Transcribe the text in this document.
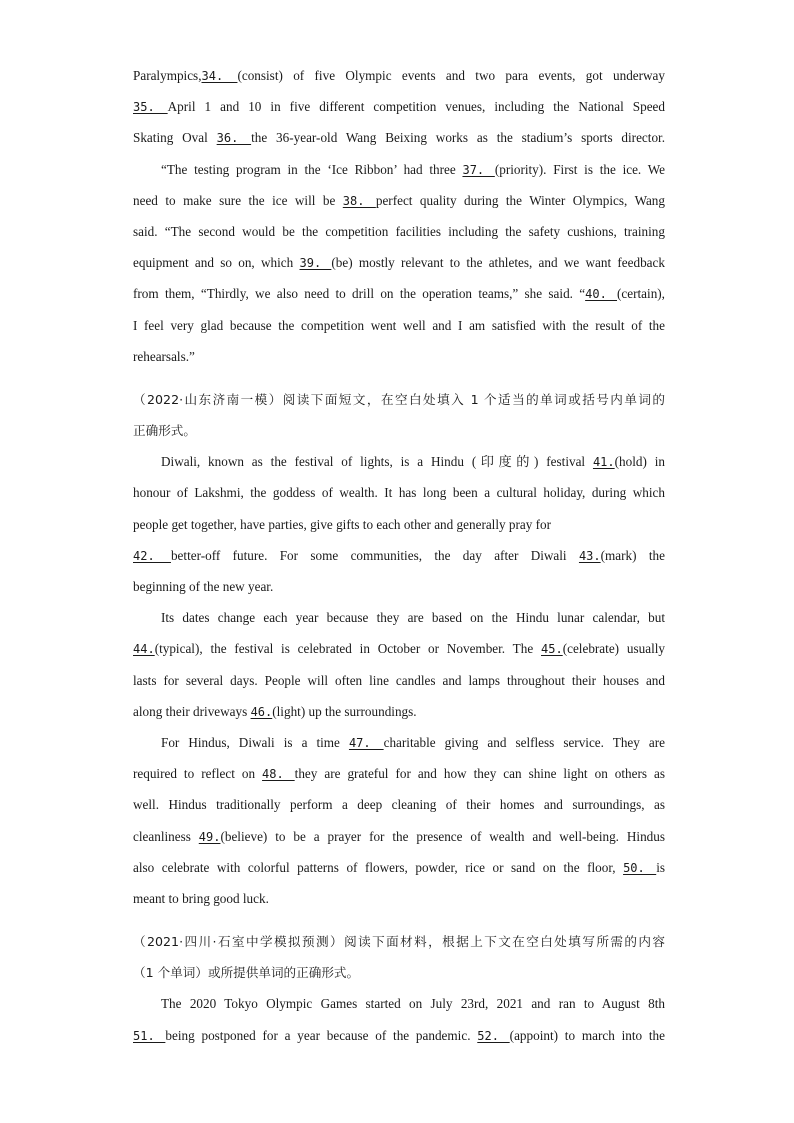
Paralympics,34. (consist) of five Olympic events and two para events, got underway
35. April 1 and 10 in five different competition venues, including the National Speed
Skating Oval 36. the 36-year-old Wang Beixing works as the stadium’s sports director.
“The testing program in the ‘Ice Ribbon’ had three 37. (priority). First is the ice. We
need to make sure the ice will be 38. perfect quality during the Winter Olympics, Wang
said. “The second would be the competition facilities including the safety cushions, training
equipment and so on, which 39. (be) mostly relevant to the athletes, and we want feedback
from them, “Thirdly, we also need to drill on the operation teams,” she said. “40. (certain),
I feel very glad because the competition went well and I am satisfied with the result of the
rehearsals.”
（2022·山东济南一模）阅读下面短文，在空白处填入 1 个适当的单词或括号内单词的
正确形式。
Diwali, known as the festival of lights, is a Hindu (印度的) festival 41.(hold) in
honour of Lakshmi, the goddess of wealth. It has long been a cultural holiday, during which
people get together, have parties, give gifts to each other and generally pray for
42. better-off future. For some communities, the day after Diwali 43.(mark) the
beginning of the new year.
Its dates change each year because they are based on the Hindu lunar calendar, but
44.(typical), the festival is celebrated in October or November. The 45.(celebrate) usually
lasts for several days. People will often line candles and lamps throughout their houses and
along their driveways 46.(light) up the surroundings.
For Hindus, Diwali is a time 47. charitable giving and selfless service. They are
required to reflect on 48. they are grateful for and how they can shine light on others as
well. Hindus traditionally perform a deep cleaning of their homes and surroundings, as
cleanliness 49.(believe) to be a prayer for the presence of wealth and well-being. Hindus
also celebrate with colorful patterns of flowers, powder, rice or sand on the floor, 50. is
meant to bring good luck.
（2021·四川·石室中学模拟预测）阅读下面材料，根据上下文在空白处填写所需的内容
（1 个单词）或所提供单词的正确形式。
The 2020 Tokyo Olympic Games started on July 23rd, 2021 and ran to August 8th
51. being postponed for a year because of the pandemic. 52. (appoint) to march into the
